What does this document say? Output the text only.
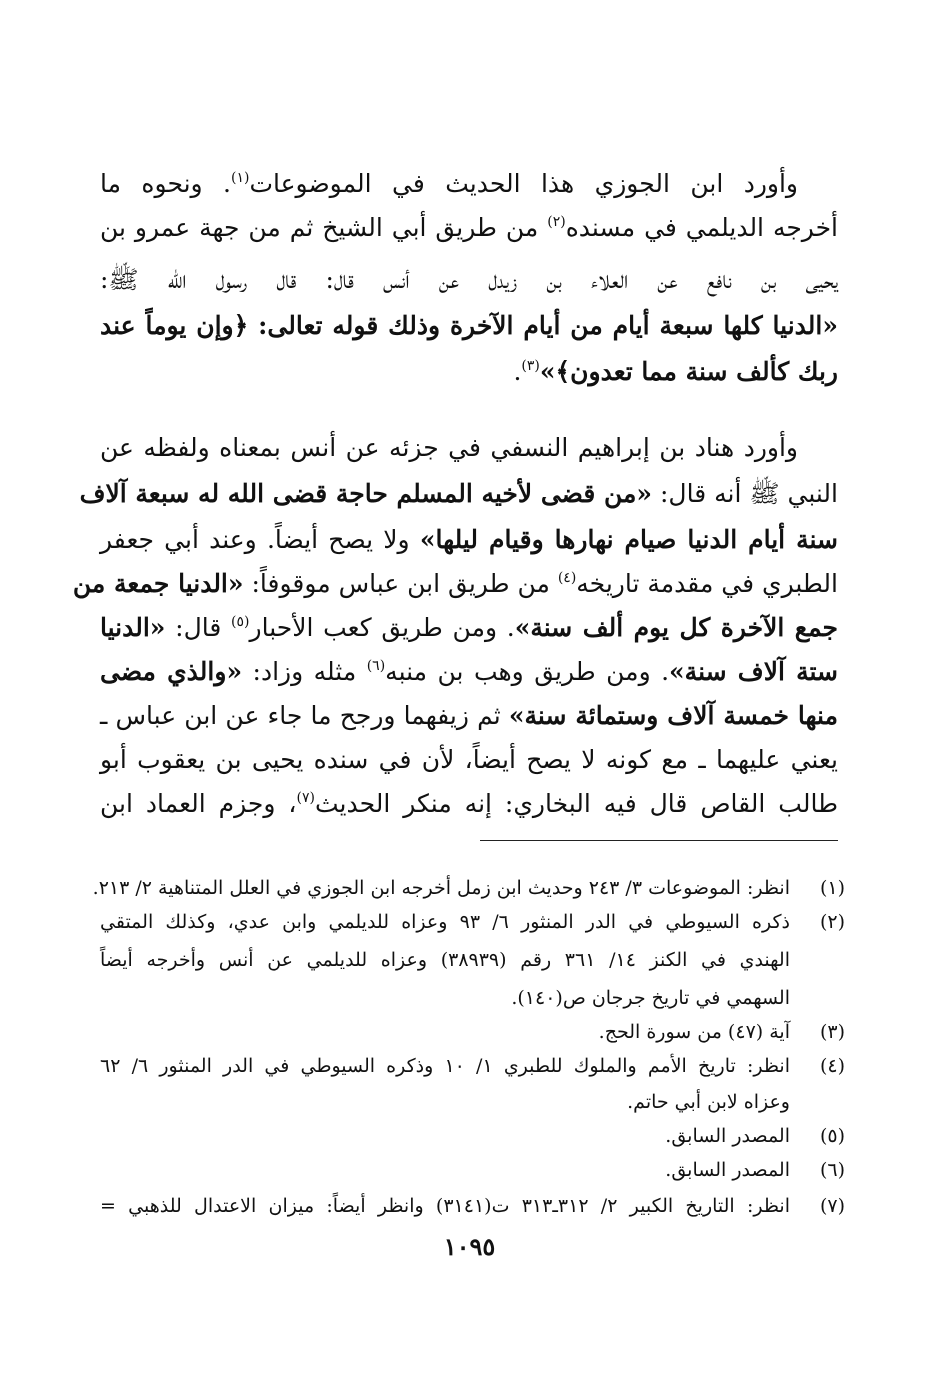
وأورد ابن الجوزي هذا الحديث في الموضوعات$^{(١)}$. ونحوه ما
أخرجه الديلمي في مسنده$^{(٢)}$ من طريق أبي الشيخ ثم من جهة عمرو بن
يحيى بن نافع عن العلاء بن زيدل عن أنس قال: قال رسول الله ﷺ:
«الدنيا كلها سبعة أيام من أيام الآخرة وذلك قوله تعالى: ﴿وإن يوماً عند
ربك كألف سنة مما تعدون﴾»$^{(٣)}$.
وأورد هناد بن إبراهيم النسفي في جزئه عن أنس بمعناه ولفظه عن
النبي ﷺ أنه قال: «من قضى لأخيه المسلم حاجة قضى الله له سبعة آلاف
سنة أيام الدنيا صيام نهارها وقيام ليلها» ولا يصح أيضاً. وعند أبي جعفر
الطبري في مقدمة تاريخه$^{(٤)}$ من طريق ابن عباس موقوفاً: «الدنيا جمعة من
جمع الآخرة كل يوم ألف سنة». ومن طريق كعب الأحبار$^{(٥)}$ قال: «الدنيا
ستة آلاف سنة». ومن طريق وهب بن منبه$^{(٦)}$ مثله وزاد: «والذي مضى
منها خمسة آلاف وستمائة سنة» ثم زيفهما ورجح ما جاء عن ابن عباس ـ
يعني عليهما ـ مع كونه لا يصح أيضاً، لأن في سنده يحيى بن يعقوب أبو
طالب القاص قال فيه البخاري: إنه منكر الحديث$^{(٧)}$، وجزم العماد ابن
(١)
انظر: الموضوعات ٣/ ٢٤٣ وحديث ابن زمل أخرجه ابن الجوزي في العلل المتناهية ٢/ ٢١٣.
(٢)
ذكره السيوطي في الدر المنثور ٦/ ٩٣ وعزاه للديلمي وابن عدي، وكذلك المتقي
الهندي في الكنز ١٤/ ٣٦١ رقم (٣٨٩٣٩) وعزاه للديلمي عن أنس وأخرجه أيضاً
السهمي في تاريخ جرجان ص(١٤٠).
(٣)
آية (٤٧) من سورة الحج.
(٤)
انظر: تاريخ الأمم والملوك للطبري ١/ ١٠ وذكره السيوطي في الدر المنثور ٦/ ٦٢
وعزاه لابن أبي حاتم.
(٥)
المصدر السابق.
(٦)
المصدر السابق.
(٧)
انظر: التاريخ الكبير ٢/ ٣١٢ـ٣١٣ ت(٣١٤١) وانظر أيضاً: ميزان الاعتدال للذهبي =
١٠٩٥
